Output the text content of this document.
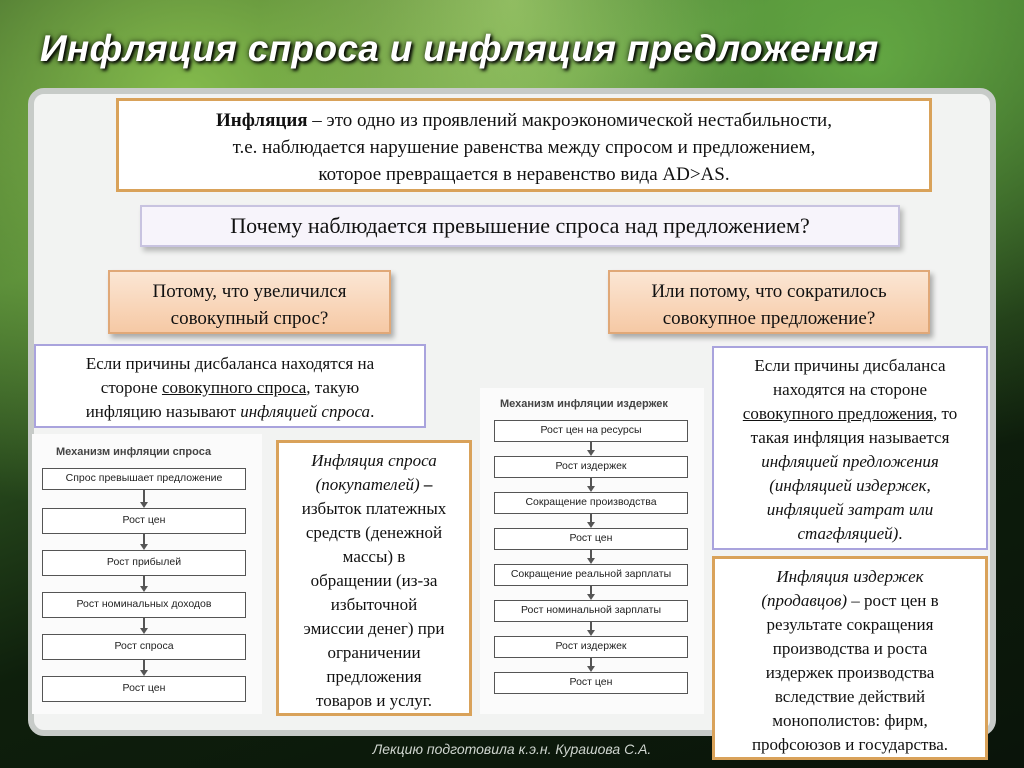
Инфляция спроса и инфляция предложения
Инфляция – это одно из проявлений макроэкономической нестабильности,
т.е. наблюдается нарушение равенства между спросом и предложением,
которое превращается в неравенство вида AD>AS.
Почему наблюдается превышение спроса над предложением?
Потому, что увеличился
совокупный спрос?
Или потому, что сократилось
совокупное предложение?
Если причины дисбаланса находятся на
стороне совокупного спроса, такую
инфляцию называют инфляцией спроса.
Если причины дисбаланса
находятся на стороне
совокупного предложения, то
такая инфляция называется
инфляцией предложения
(инфляцией издержек,
инфляцией затрат или
стагфляцией).
Инфляция спроса
(покупателей) –
избыток платежных
средств (денежной
массы) в
обращении (из-за
избыточной
эмиссии денег) при
ограничении
предложения
товаров и услуг.
Инфляция издержек
(продавцов) – рост цен в
результате сокращения
производства и роста
издержек производства
вследствие действий
монополистов: фирм,
профсоюзов и государства.
Механизм инфляции спроса
Спрос превышает предложение
Рост цен
Рост прибылей
Рост номинальных доходов
Рост спроса
Рост цен
Механизм инфляции издержек
Рост цен на ресурсы
Рост издержек
Сокращение производства
Рост цен
Сокращение реальной зарплаты
Рост номинальной зарплаты
Рост издержек
Рост цен
Лекцию подготовила к.э.н. Курашова С.А.
